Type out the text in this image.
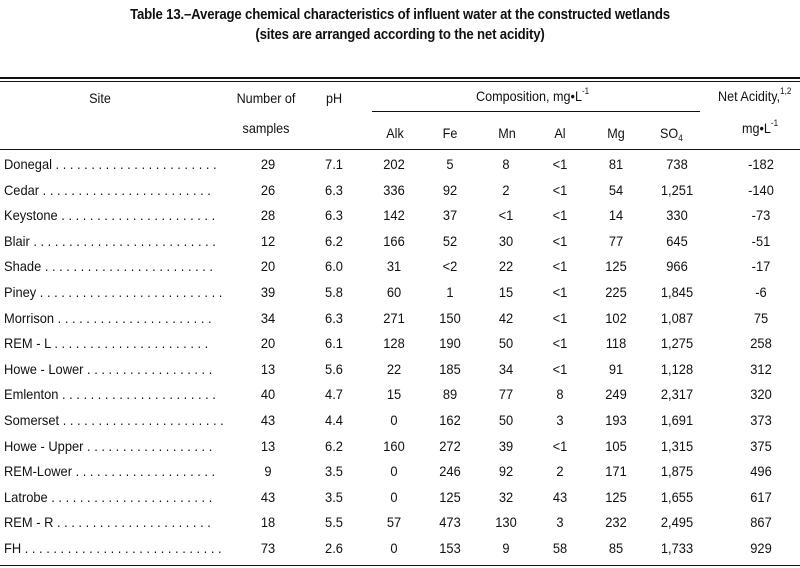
Table 13.–Average chemical characteristics of influent water at the constructed wetlands
(sites are arranged according to the net acidity)
Site	Number of
samples
pH	Composition, $mg•L^{-1}$	Net Acidity,$^{1,2}$
$mg•L^{-1}$
Alk	Fe	Mn	Al	Mg	$SO_4$
Donegal . . . . . . . . . . . . . . . . . . . . . . .	29	7.1	202	5	8	<1	81	738	-182
Cedar . . . . . . . . . . . . . . . . . . . . . . . .	26	6.3	336	92	2	<1	54	1,251	-140
Keystone . . . . . . . . . . . . . . . . . . . . . .	28	6.3	142	37	<1	<1	14	330	-73
Blair . . . . . . . . . . . . . . . . . . . . . . . . . .	12	6.2	166	52	30	<1	77	645	-51
Shade . . . . . . . . . . . . . . . . . . . . . . . .	20	6.0	31	<2	22	<1	125	966	-17
Piney . . . . . . . . . . . . . . . . . . . . . . . . . .	39	5.8	60	1	15	<1	225	1,845	-6
Morrison . . . . . . . . . . . . . . . . . . . . . .	34	6.3	271	150	42	<1	102	1,087	75
REM - L . . . . . . . . . . . . . . . . . . . . . .	20	6.1	128	190	50	<1	118	1,275	258
Howe - Lower . . . . . . . . . . . . . . . . . .	13	5.6	22	185	34	<1	91	1,128	312
Emlenton . . . . . . . . . . . . . . . . . . . . . .	40	4.7	15	89	77	8	249	2,317	320
Somerset . . . . . . . . . . . . . . . . . . . . . . .	43	4.4	0	162	50	3	193	1,691	373
Howe - Upper . . . . . . . . . . . . . . . . . .	13	6.2	160	272	39	<1	105	1,315	375
REM-Lower . . . . . . . . . . . . . . . . . . . .	9	3.5	0	246	92	2	171	1,875	496
Latrobe . . . . . . . . . . . . . . . . . . . . . . .	43	3.5	0	125	32	43	125	1,655	617
REM - R . . . . . . . . . . . . . . . . . . . . . .	18	5.5	57	473	130	3	232	2,495	867
FH . . . . . . . . . . . . . . . . . . . . . . . . . . . .	73	2.6	0	153	9	58	85	1,733	929
